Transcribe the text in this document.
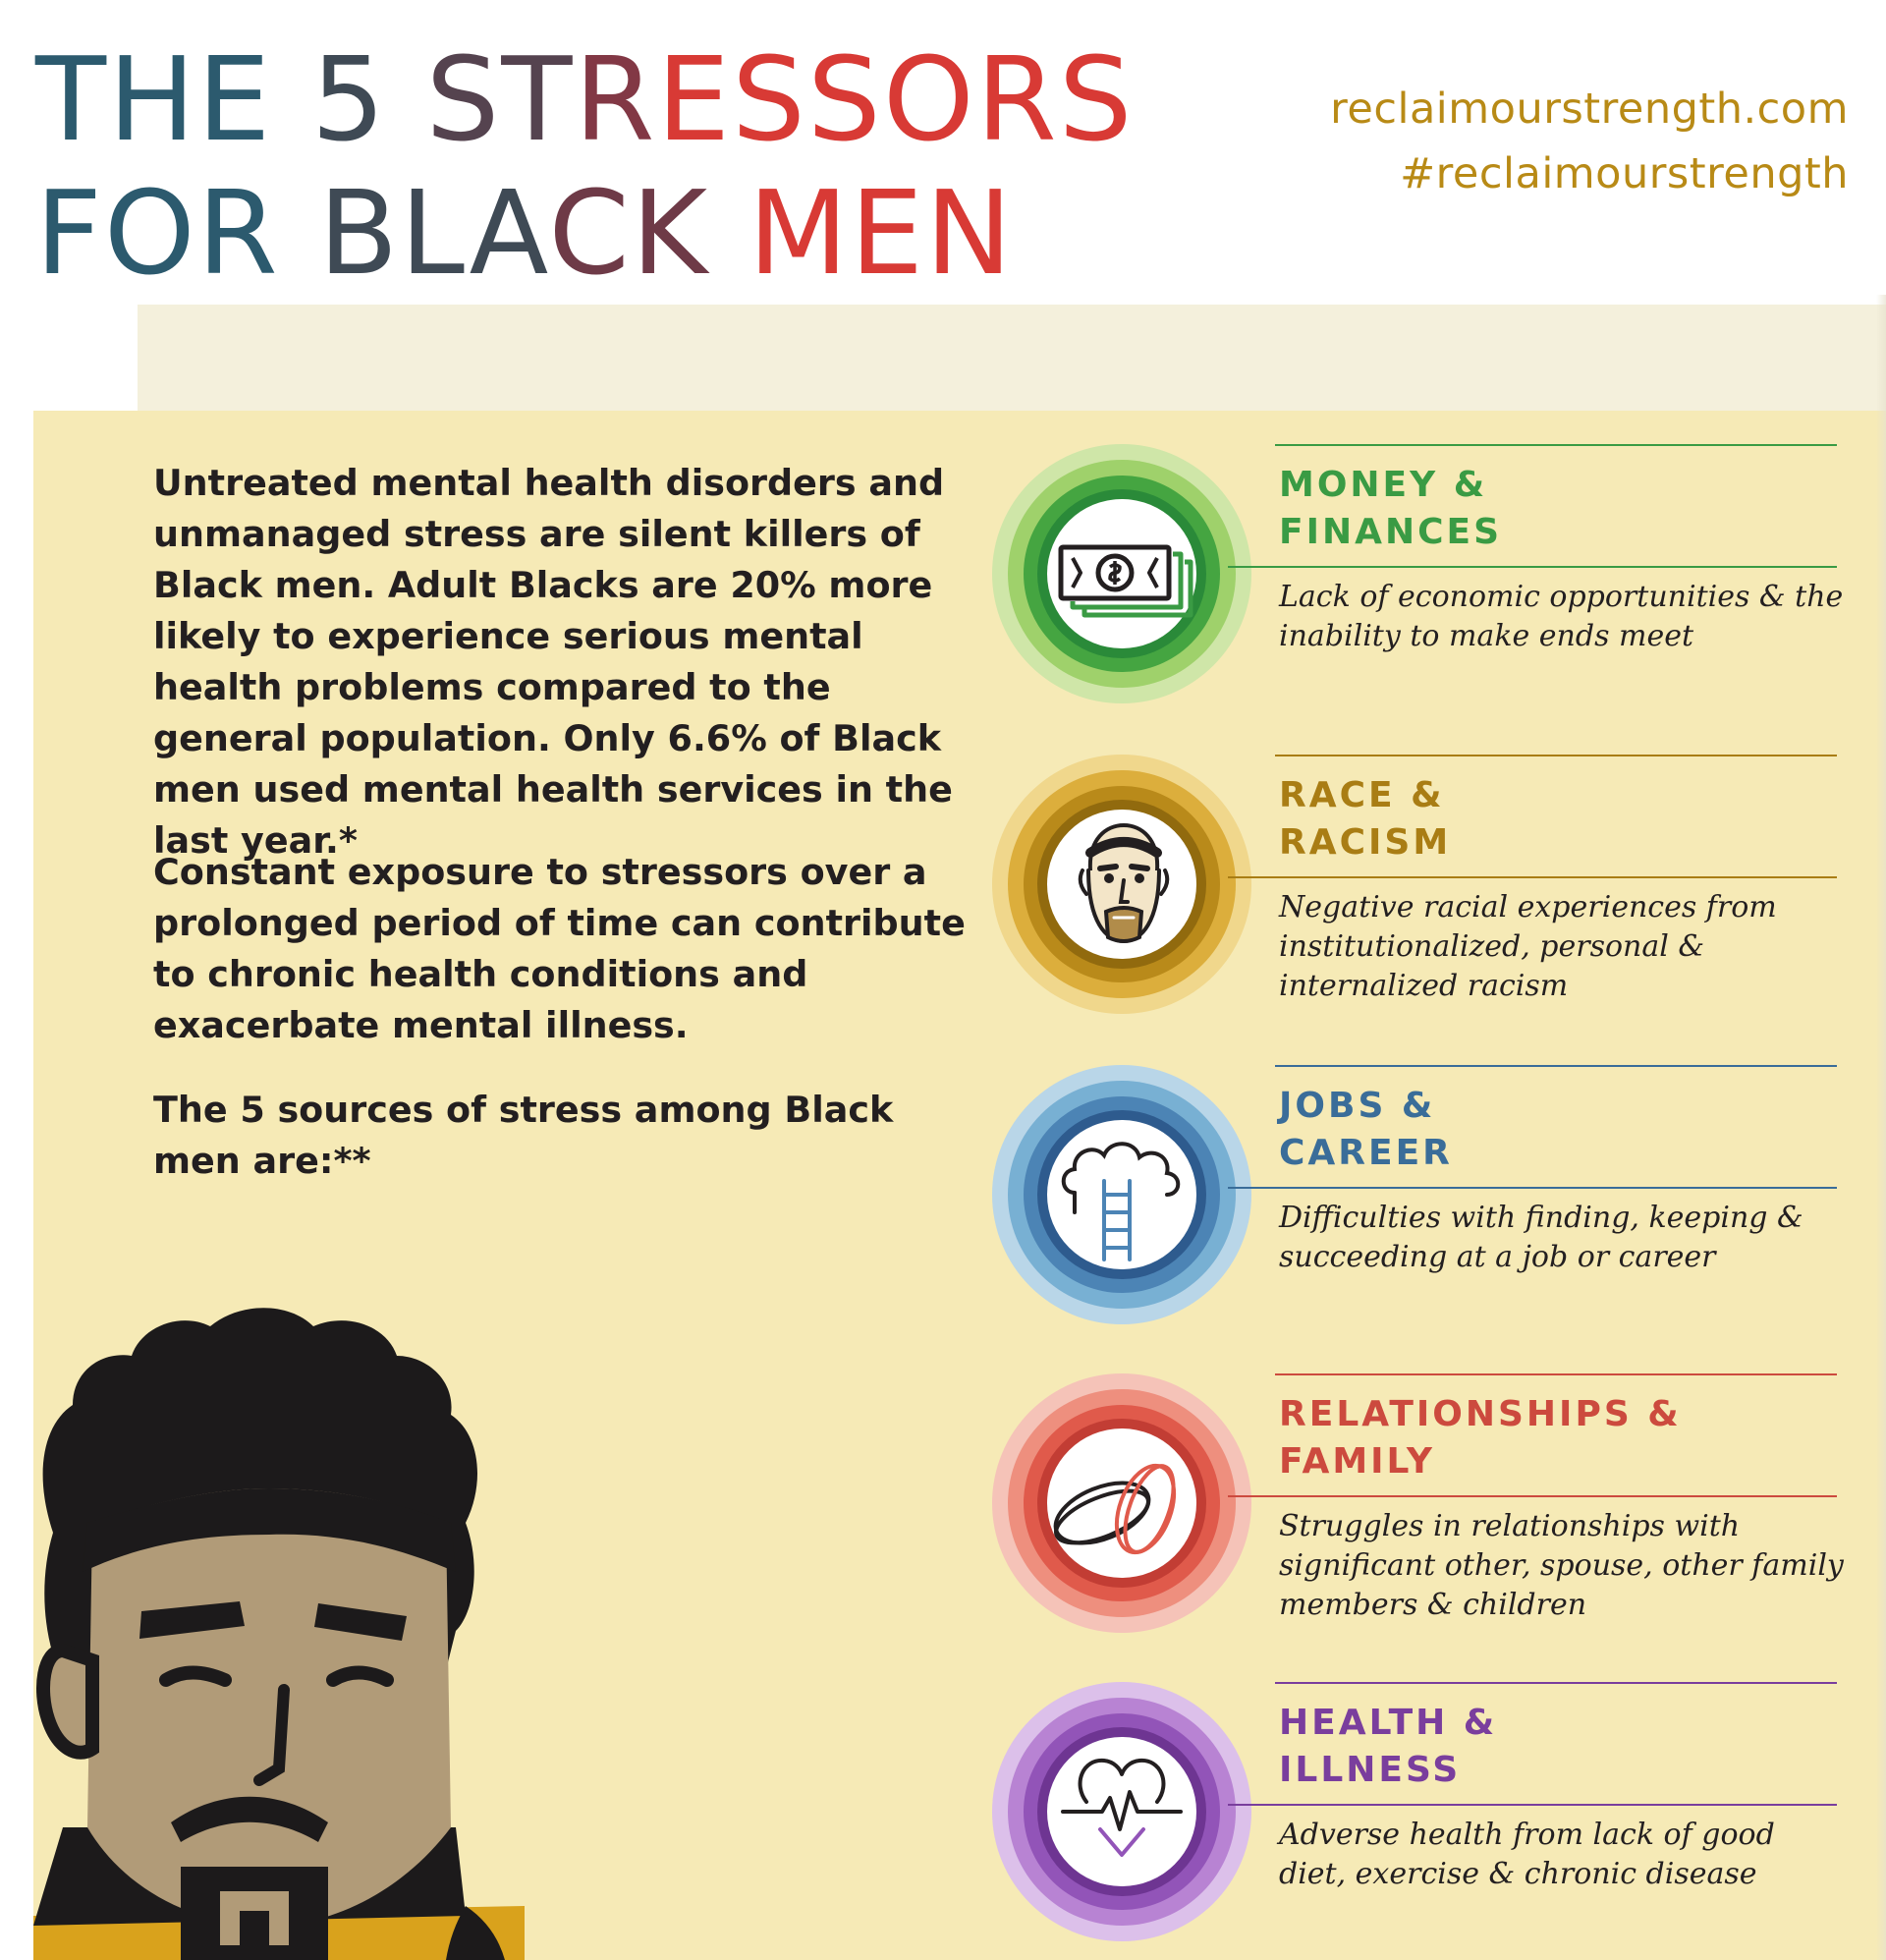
THE 5 STRESSORS
FOR BLACK MEN
reclaimourstrength.com
#reclaimourstrength

Untreated mental health disorders and unmanaged stress are silent killers of Black men. Adult Blacks are 20% more likely to experience serious mental health problems compared to the general population. Only 6.6% of Black men used mental health services in the last year.*

Constant exposure to stressors over a prolonged period of time can contribute to chronic health conditions and exacerbate mental illness.

The 5 sources of stress among Black men are:**

MONEY &
FINANCES
Lack of economic opportunities & the inability to make ends meet
RACE &
RACISM
Negative racial experiences from institutionalized, personal & internalized racism
JOBS &
CAREER
Difficulties with finding, keeping & succeeding at a job or career
RELATIONSHIPS &
FAMILY
Struggles in relationships with significant other, spouse, other family members & children
HEALTH &
ILLNESS
Adverse health from lack of good diet, exercise & chronic disease
